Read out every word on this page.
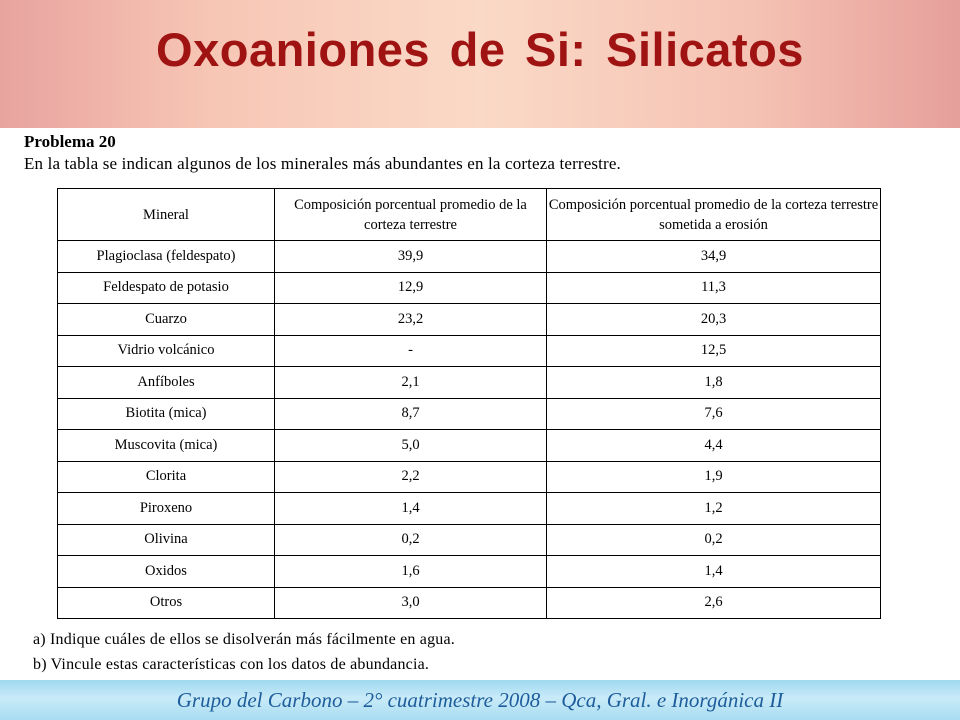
Oxoaniones de Si: Silicatos
Problema 20
En la tabla se indican algunos de los minerales más abundantes en la corteza terrestre.
Mineral	Composición porcentual promedio de la corteza terrestre	Composición porcentual promedio de la corteza terrestre sometida a erosión
Plagioclasa (feldespato)	39,9	34,9
Feldespato de potasio	12,9	11,3
Cuarzo	23,2	20,3
Vidrio volcánico	-	12,5
Anfíboles	2,1	1,8
Biotita (mica)	8,7	7,6
Muscovita (mica)	5,0	4,4
Clorita	2,2	1,9
Piroxeno	1,4	1,2
Olivina	0,2	0,2
Oxidos	1,6	1,4
Otros	3,0	2,6
a) Indique cuáles de ellos se disolverán más fácilmente en agua.
b) Vincule estas características con los datos de abundancia.
Grupo del Carbono – 2° cuatrimestre 2008 – Qca, Gral. e Inorgánica II
